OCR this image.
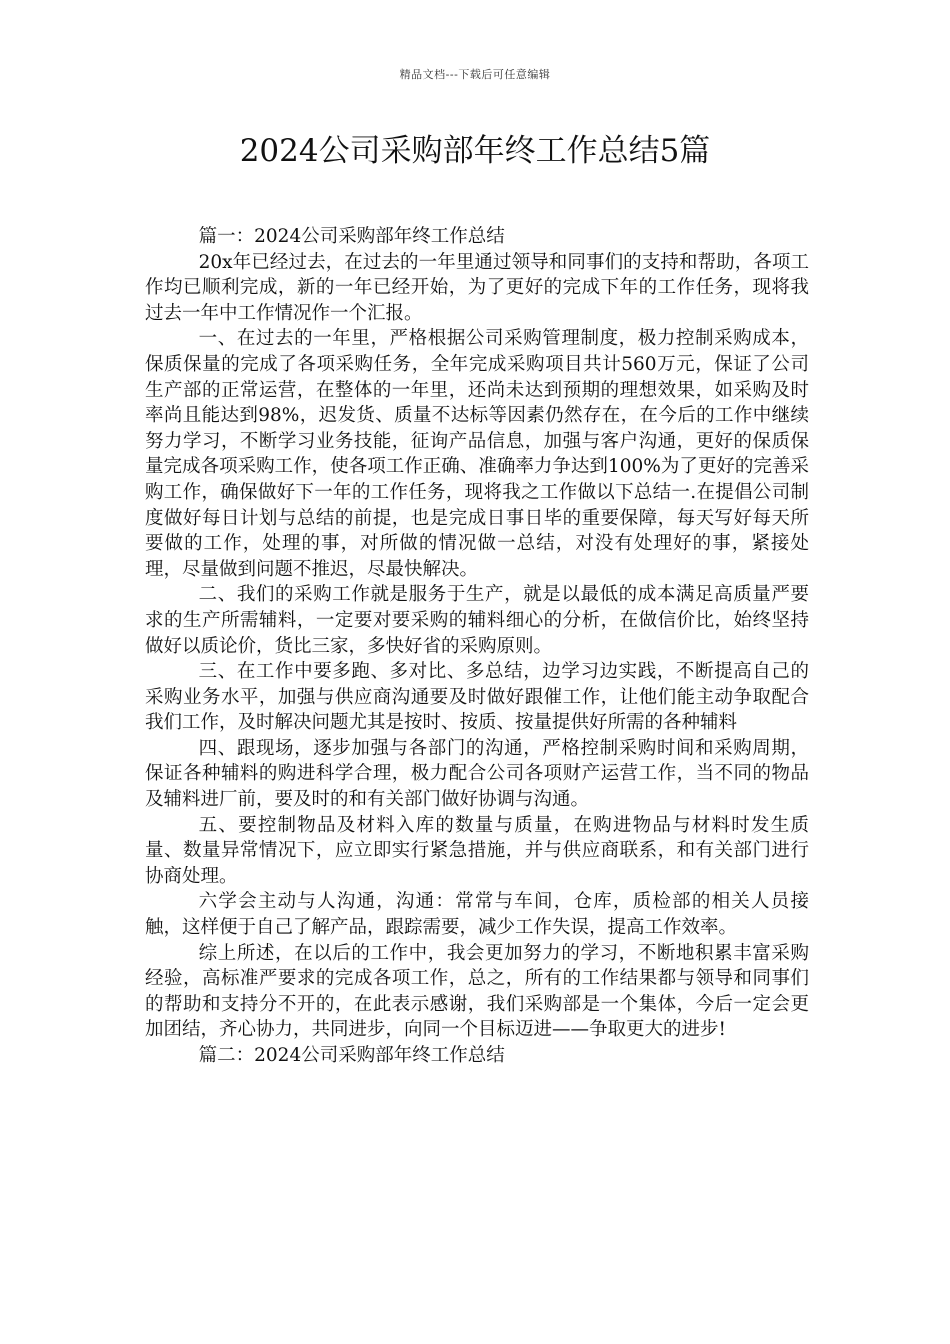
精品文档---下载后可任意编辑
2024公司采购部年终工作总结5篇

篇一：2024公司采购部年终工作总结

20x年已经过去，在过去的一年里通过领导和同事们的支持和帮助，各项工作均已顺利完成，新的一年已经开始，为了更好的完成下年的工作任务，现将我过去一年中工作情况作一个汇报。

一、在过去的一年里，严格根据公司采购管理制度，极力控制采购成本，保质保量的完成了各项采购任务，全年完成采购项目共计560万元，保证了公司生产部的正常运营，在整体的一年里，还尚未达到预期的理想效果，如采购及时率尚且能达到98%，迟发货、质量不达标等因素仍然存在，在今后的工作中继续努力学习，不断学习业务技能，征询产品信息，加强与客户沟通，更好的保质保量完成各项采购工作，使各项工作正确、准确率力争达到100%为了更好的完善采购工作，确保做好下一年的工作任务，现将我之工作做以下总结一.在提倡公司制度做好每日计划与总结的前提，也是完成日事日毕的重要保障，每天写好每天所要做的工作，处理的事，对所做的情况做一总结，对没有处理好的事，紧接处理，尽量做到问题不推迟，尽最快解决。

二、我们的采购工作就是服务于生产，就是以最低的成本满足高质量严要求的生产所需辅料，一定要对要采购的辅料细心的分析，在做信价比，始终坚持做好以质论价，货比三家，多快好省的采购原则。

三、在工作中要多跑、多对比、多总结，边学习边实践，不断提高自己的采购业务水平，加强与供应商沟通要及时做好跟催工作，让他们能主动争取配合我们工作，及时解决问题尤其是按时、按质、按量提供好所需的各种辅料

四、跟现场，逐步加强与各部门的沟通，严格控制采购时间和采购周期，保证各种辅料的购进科学合理，极力配合公司各项财产运营工作，当不同的物品及辅料进厂前，要及时的和有关部门做好协调与沟通。

五、要控制物品及材料入库的数量与质量，在购进物品与材料时发生质量、数量异常情况下，应立即实行紧急措施，并与供应商联系，和有关部门进行协商处理。

六学会主动与人沟通，沟通：常常与车间，仓库，质检部的相关人员接触，这样便于自己了解产品，跟踪需要，减少工作失误，提高工作效率。

综上所述，在以后的工作中，我会更加努力的学习，不断地积累丰富采购经验，高标准严要求的完成各项工作，总之，所有的工作结果都与领导和同事们的帮助和支持分不开的，在此表示感谢，我们采购部是一个集体，今后一定会更加团结，齐心协力，共同进步，向同一个目标迈进——争取更大的进步!

篇二：2024公司采购部年终工作总结
